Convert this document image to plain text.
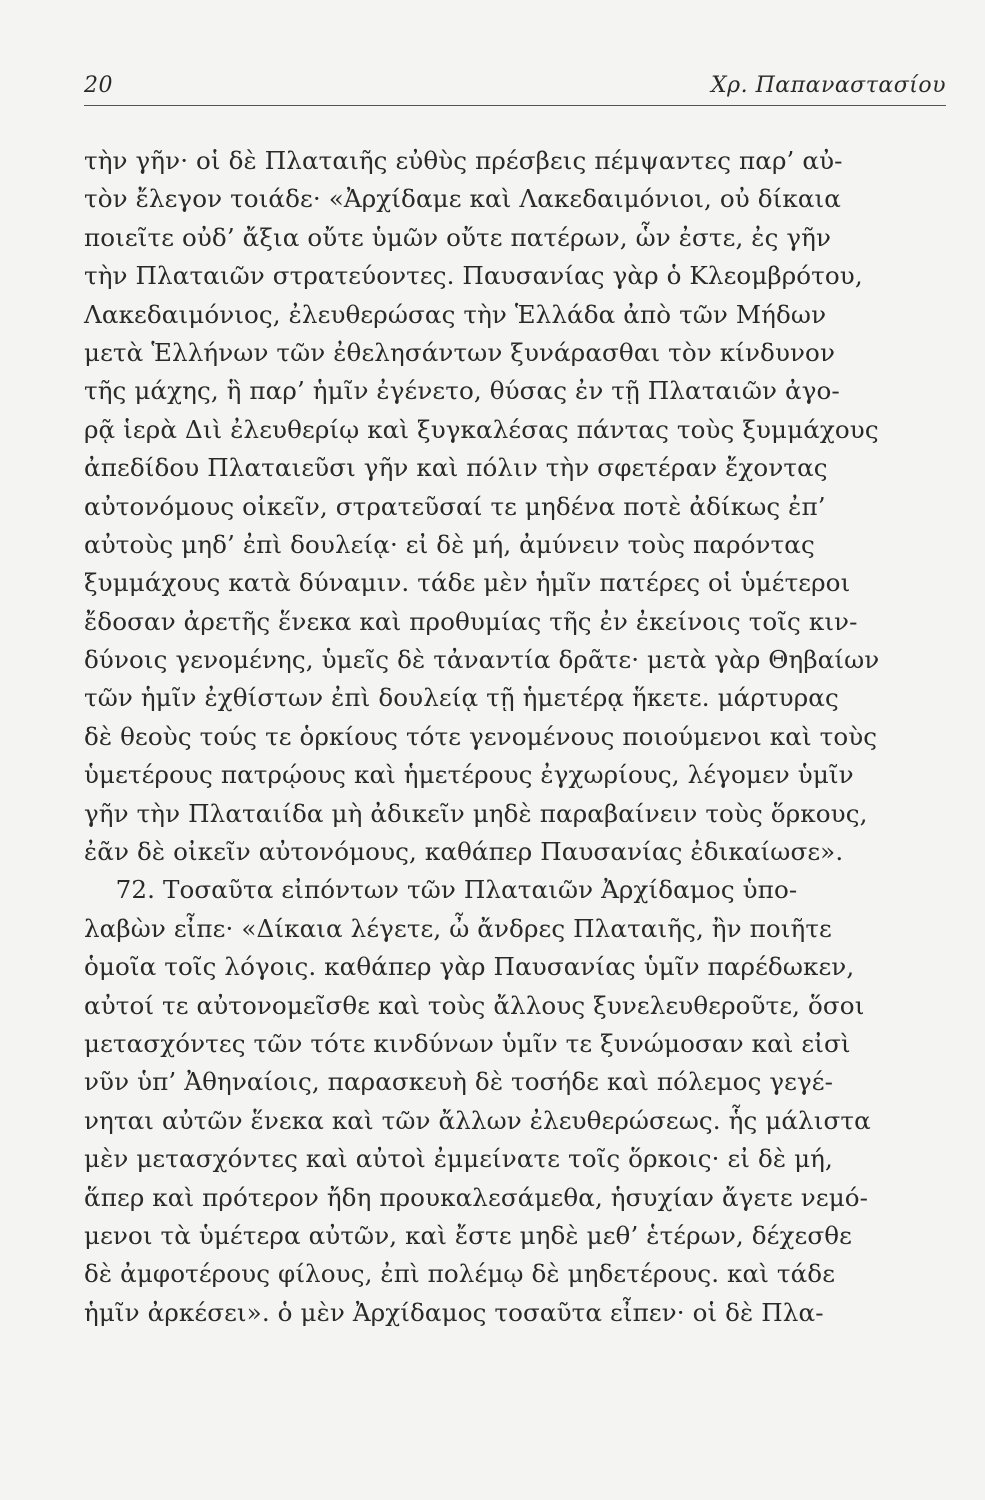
20	Χρ. Παπαναστασίου
τὴν γῆν· οἱ δὲ Πλαταιῆς εὐθὺς πρέσβεις πέμψαντες παρ’ αὐ-
τὸν ἔλεγον τοιάδε· «Ἀρχίδαμε καὶ Λακεδαιμόνιοι, οὐ δίκαια
ποιεῖτε οὐδ’ ἄξια οὔτε ὑμῶν οὔτε πατέρων, ὧν ἐστε, ἐς γῆν
τὴν Πλαταιῶν στρατεύοντες. Παυσανίας γὰρ ὁ Κλεομβρότου,
Λακεδαιμόνιος, ἐλευθερώσας τὴν Ἑλλάδα ἀπὸ τῶν Μήδων
μετὰ Ἑλλήνων τῶν ἐθελησάντων ξυνάρασθαι τὸν κίνδυνον
τῆς μάχης, ἣ παρ’ ἡμῖν ἐγένετο, θύσας ἐν τῇ Πλαταιῶν ἀγο-
ρᾷ ἱερὰ Διὶ ἐλευθερίῳ καὶ ξυγκαλέσας πάντας τοὺς ξυμμάχους
ἀπεδίδου Πλαταιεῦσι γῆν καὶ πόλιν τὴν σφετέραν ἔχοντας
αὐτονόμους οἰκεῖν, στρατεῦσαί τε μηδένα ποτὲ ἀδίκως ἐπ’
αὐτοὺς μηδ’ ἐπὶ δουλείᾳ· εἰ δὲ μή, ἀμύνειν τοὺς παρόντας
ξυμμάχους κατὰ δύναμιν. τάδε μὲν ἡμῖν πατέρες οἱ ὑμέτεροι
ἔδοσαν ἀρετῆς ἕνεκα καὶ προθυμίας τῆς ἐν ἐκείνοις τοῖς κιν-
δύνοις γενομένης, ὑμεῖς δὲ τἀναντία δρᾶτε· μετὰ γὰρ Θηβαίων
τῶν ἡμῖν ἐχθίστων ἐπὶ δουλείᾳ τῇ ἡμετέρᾳ ἥκετε. μάρτυρας
δὲ θεοὺς τούς τε ὁρκίους τότε γενομένους ποιούμενοι καὶ τοὺς
ὑμετέρους πατρῴους καὶ ἡμετέρους ἐγχωρίους, λέγομεν ὑμῖν
γῆν τὴν Πλαταιίδα μὴ ἀδικεῖν μηδὲ παραβαίνειν τοὺς ὅρκους,
ἐᾶν δὲ οἰκεῖν αὐτονόμους, καθάπερ Παυσανίας ἐδικαίωσε».
72. Τοσαῦτα εἰπόντων τῶν Πλαταιῶν Ἀρχίδαμος ὑπο-
λαβὼν εἶπε· «Δίκαια λέγετε, ὦ ἄνδρες Πλαταιῆς, ἢν ποιῆτε
ὁμοῖα τοῖς λόγοις. καθάπερ γὰρ Παυσανίας ὑμῖν παρέδωκεν,
αὐτοί τε αὐτονομεῖσθε καὶ τοὺς ἄλλους ξυνελευθεροῦτε, ὅσοι
μετασχόντες τῶν τότε κινδύνων ὑμῖν τε ξυνώμοσαν καὶ εἰσὶ
νῦν ὑπ’ Ἀθηναίοις, παρασκευὴ δὲ τοσήδε καὶ πόλεμος γεγέ-
νηται αὐτῶν ἕνεκα καὶ τῶν ἄλλων ἐλευθερώσεως. ἧς μάλιστα
μὲν μετασχόντες καὶ αὐτοὶ ἐμμείνατε τοῖς ὅρκοις· εἰ δὲ μή,
ἅπερ καὶ πρότερον ἤδη προυκαλεσάμεθα, ἡσυχίαν ἄγετε νεμό-
μενοι τὰ ὑμέτερα αὐτῶν, καὶ ἔστε μηδὲ μεθ’ ἑτέρων, δέχεσθε
δὲ ἀμφοτέρους φίλους, ἐπὶ πολέμῳ δὲ μηδετέρους. καὶ τάδε
ἡμῖν ἀρκέσει». ὁ μὲν Ἀρχίδαμος τοσαῦτα εἶπεν· οἱ δὲ Πλα-
